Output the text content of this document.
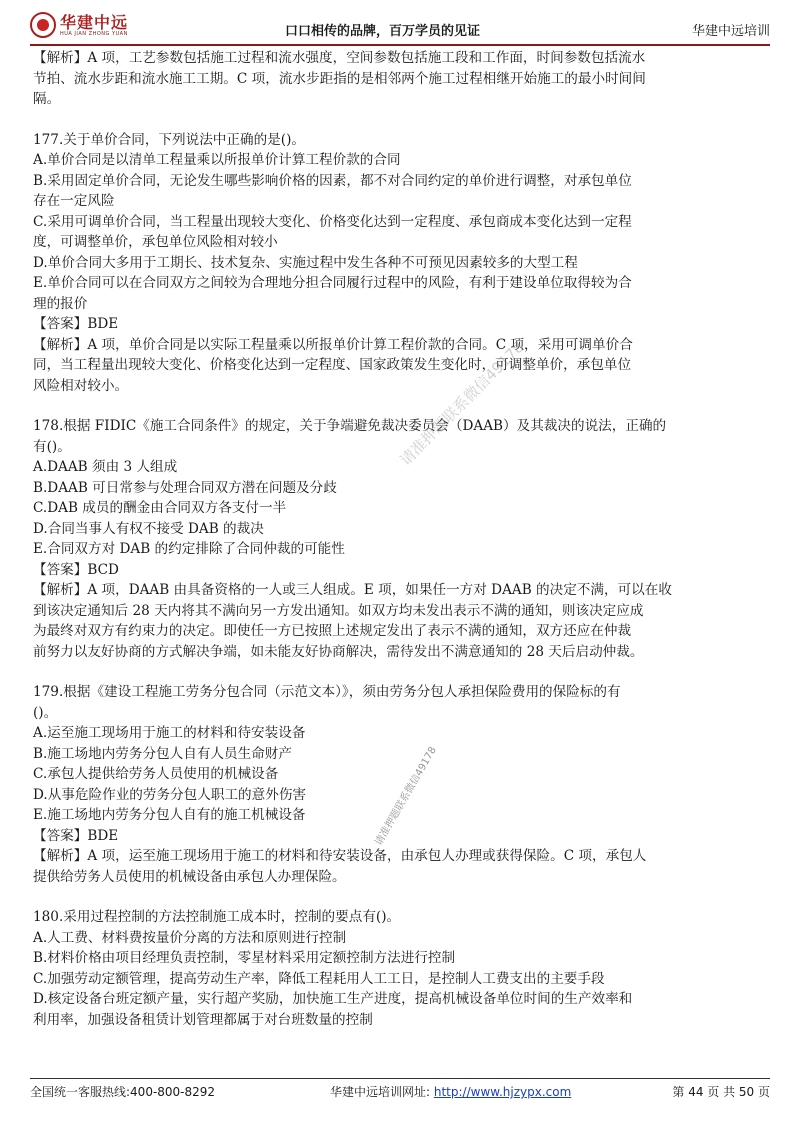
华建中远
HUA JIAN ZHONG YUAN	口口相传的品牌，百万学员的见证	华建中远培训

【解析】A 项，工艺参数包括施工过程和流水强度，空间参数包括施工段和工作面，时间参数包括流水

节拍、流水步距和流水施工工期。C 项，流水步距指的是相邻两个施工过程相继开始施工的最小时间间

隔。

177.关于单价合同，下列说法中正确的是()。

A.单价合同是以清单工程量乘以所报单价计算工程价款的合同

B.采用固定单价合同，无论发生哪些影响价格的因素，都不对合同约定的单价进行调整，对承包单位

存在一定风险

C.采用可调单价合同，当工程量出现较大变化、价格变化达到一定程度、承包商成本变化达到一定程

度，可调整单价，承包单位风险相对较小

D.单价合同大多用于工期长、技术复杂、实施过程中发生各种不可预见因素较多的大型工程

E.单价合同可以在合同双方之间较为合理地分担合同履行过程中的风险，有利于建设单位取得较为合

理的报价

【答案】BDE

【解析】A 项，单价合同是以实际工程量乘以所报单价计算工程价款的合同。C 项，采用可调单价合

同，当工程量出现较大变化、价格变化达到一定程度、国家政策发生变化时，可调整单价，承包单位

风险相对较小。

178.根据 FIDIC《施工合同条件》的规定，关于争端避免裁决委员会（DAAB）及其裁决的说法，正确的

有()。

A.DAAB 须由 3 人组成

B.DAAB 可日常参与处理合同双方潜在问题及分歧

C.DAB 成员的酬金由合同双方各支付一半

D.合同当事人有权不接受 DAB 的裁决

E.合同双方对 DAB 的约定排除了合同仲裁的可能性

【答案】BCD

【解析】A 项，DAAB 由具备资格的一人或三人组成。E 项，如果任一方对 DAAB 的决定不满，可以在收

到该决定通知后 28 天内将其不满向另一方发出通知。如双方均未发出表示不满的通知，则该决定应成

为最终对双方有约束力的决定。即使任一方已按照上述规定发出了表示不满的通知，双方还应在仲裁

前努力以友好协商的方式解决争端，如未能友好协商解决，需待发出不满意通知的 28 天后启动仲裁。

179.根据《建设工程施工劳务分包合同（示范文本）》，须由劳务分包人承担保险费用的保险标的有

()。

A.运至施工现场用于施工的材料和待安装设备

B.施工场地内劳务分包人自有人员生命财产

C.承包人提供给劳务人员使用的机械设备

D.从事危险作业的劳务分包人职工的意外伤害

E.施工场地内劳务分包人自有的施工机械设备

【答案】BDE

【解析】A 项，运至施工现场用于施工的材料和待安装设备，由承包人办理或获得保险。C 项，承包人

提供给劳务人员使用的机械设备由承包人办理保险。

180.采用过程控制的方法控制施工成本时，控制的要点有()。

A.人工费、材料费按量价分离的方法和原则进行控制

B.材料价格由项目经理负责控制，零星材料采用定额控制方法进行控制

C.加强劳动定额管理，提高劳动生产率，降低工程耗用人工工日，是控制人工费支出的主要手段

D.核定设备台班定额产量，实行超产奖励，加快施工生产进度，提高机械设备单位时间的生产效率和

利用率，加强设备租赁计划管理都属于对台班数量的控制

请准押题联系微信49178
请准押题联系微信49178
全国统一客服热线:400-800-8292	华建中远培训网址: http://www.hjzypx.com	第 44 页 共 50 页
